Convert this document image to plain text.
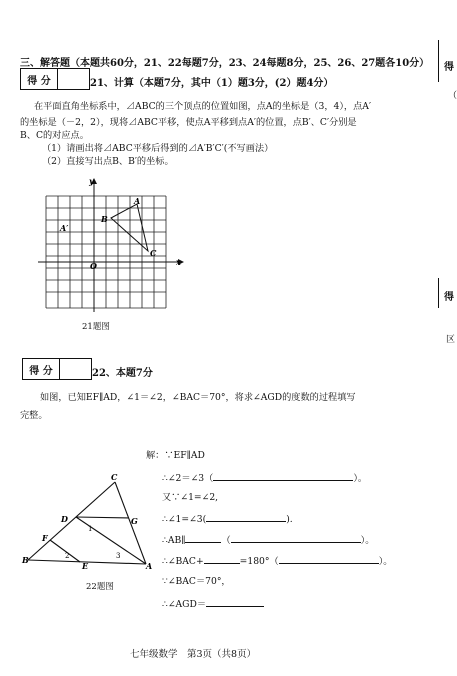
三、解答题（本题共60分，21、22每题7分，23、24每题8分，25、26、27题各10分）
得 分	21、计算（本题7分，其中（1）题3分，(2）题4分）
在平面直角坐标系中，⊿ABC的三个顶点的位置如图，点A的坐标是（3，4），点A′
的坐标是（－2，2），现将⊿ABC平移，使点A平移到点A′的位置，点B′、C′分别是
B、C的对应点。
（1）请画出将⊿ABC平移后得到的⊿A′B′C′(不写画法）
（2）直接写出点B、B′的坐标。
y
x
O
A
B
C
A′
21题图
得 分	22、本题7分
如图，已知EF∥AD，∠1＝∠2，∠BAC＝70°，将求∠AGD的度数的过程填写
完整。
C
D	G
F
B
E	A
1
2	3
22题图
解：∵EF∥AD
∴∠2＝∠3（	）。
又∵∠1=∠2,
∴∠1=∠3(	).
∴AB∥	（	）。
∴∠BAC+	=180°（	）。
∵∠BAC＝70°，
∴∠AGD＝
七年级数学　第3页（共8页）
得
（
得
区
